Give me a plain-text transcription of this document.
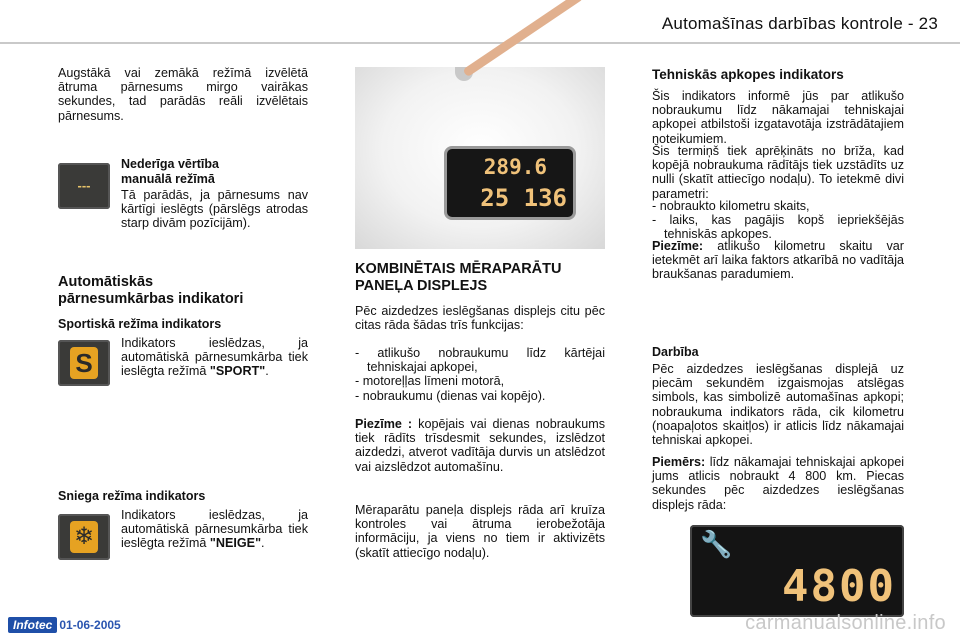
Automašīnas darbības kontrole - 23

Augstākā vai zemākā režīmā izvēlētā ātruma pārnesums mirgo vairākas sekundes, tad parādās reāli izvēlētais pārnesums.

---
Nederīga vērtība
manuālā režīmā

Tā parādās, ja pārnesums nav kārtīgi ieslēgts (pārslēgs atrodas starp divām pozīcijām).

Automātiskās
pārnesumkārbas indikatori
Sportiskā režīma indikators
S

Indikators ieslēdzas, ja automātiskā pārnesumkārba tiek ieslēgta režīmā "SPORT".

Sniega režīma indikators
❄

Indikators ieslēdzas, ja automātiskā pārnesumkārba tiek ieslēgta režīmā "NEIGE".

289.6
25 136
KOMBINĒTAIS MĒRAPARĀTU
PANEĻA DISPLEJS

Pēc aizdedzes ieslēgšanas displejs citu pēc citas rāda šādas trīs funkcijas:

- atlikušo nobraukumu līdz kārtējai tehniskajai apkopei,
- motoreļļas līmeni motorā,
- nobraukumu (dienas vai kopējo).

Piezīme : kopējais vai dienas nobraukums tiek rādīts trīsdesmit sekundes, izslēdzot aizdedzi, atverot vadītāja durvis un atslēdzot vai aizslēdzot automašīnu.

Mēraparātu paneļa displejs rāda arī kruīza kontroles vai ātruma ierobežotāja informāciju, ja viens no tiem ir aktivizēts (skatīt attiecīgo nodaļu).

Tehniskās apkopes indikators

Šis indikators informē jūs par atlikušo nobraukumu līdz nākamajai tehniskajai apkopei atbilstoši izgatavotāja izstrādātajiem noteikumiem.

Šis termiņš tiek aprēķināts no brīža, kad kopējā nobraukuma rādītājs tiek uzstādīts uz nulli (skatīt attiecīgo nodaļu). To ietekmē divi parametri:

- nobraukto kilometru skaits,
- laiks, kas pagājis kopš iepriekšējās tehniskās apkopes.

Piezīme: atlikušo kilometru skaitu var ietekmēt arī laika faktors atkarībā no vadītāja braukšanas paradumiem.

Darbība

Pēc aizdedzes ieslēgšanas displejā uz piecām sekundēm izgaismojas atslēgas simbols, kas simbolizē automašīnas apkopi; nobraukuma indikators rāda, cik kilometru (noapaļotos skaitļos) ir atlicis līdz nākamajai tehniskai apkopei.

Piemērs: līdz nākamajai tehniskajai apkopei jums atlicis nobraukt 4 800 km. Piecas sekundes pēc aizdedzes ieslēgšanas displejs rāda:

🔧
4800
Infotec 01-06-2005	carmanualsonline.info
